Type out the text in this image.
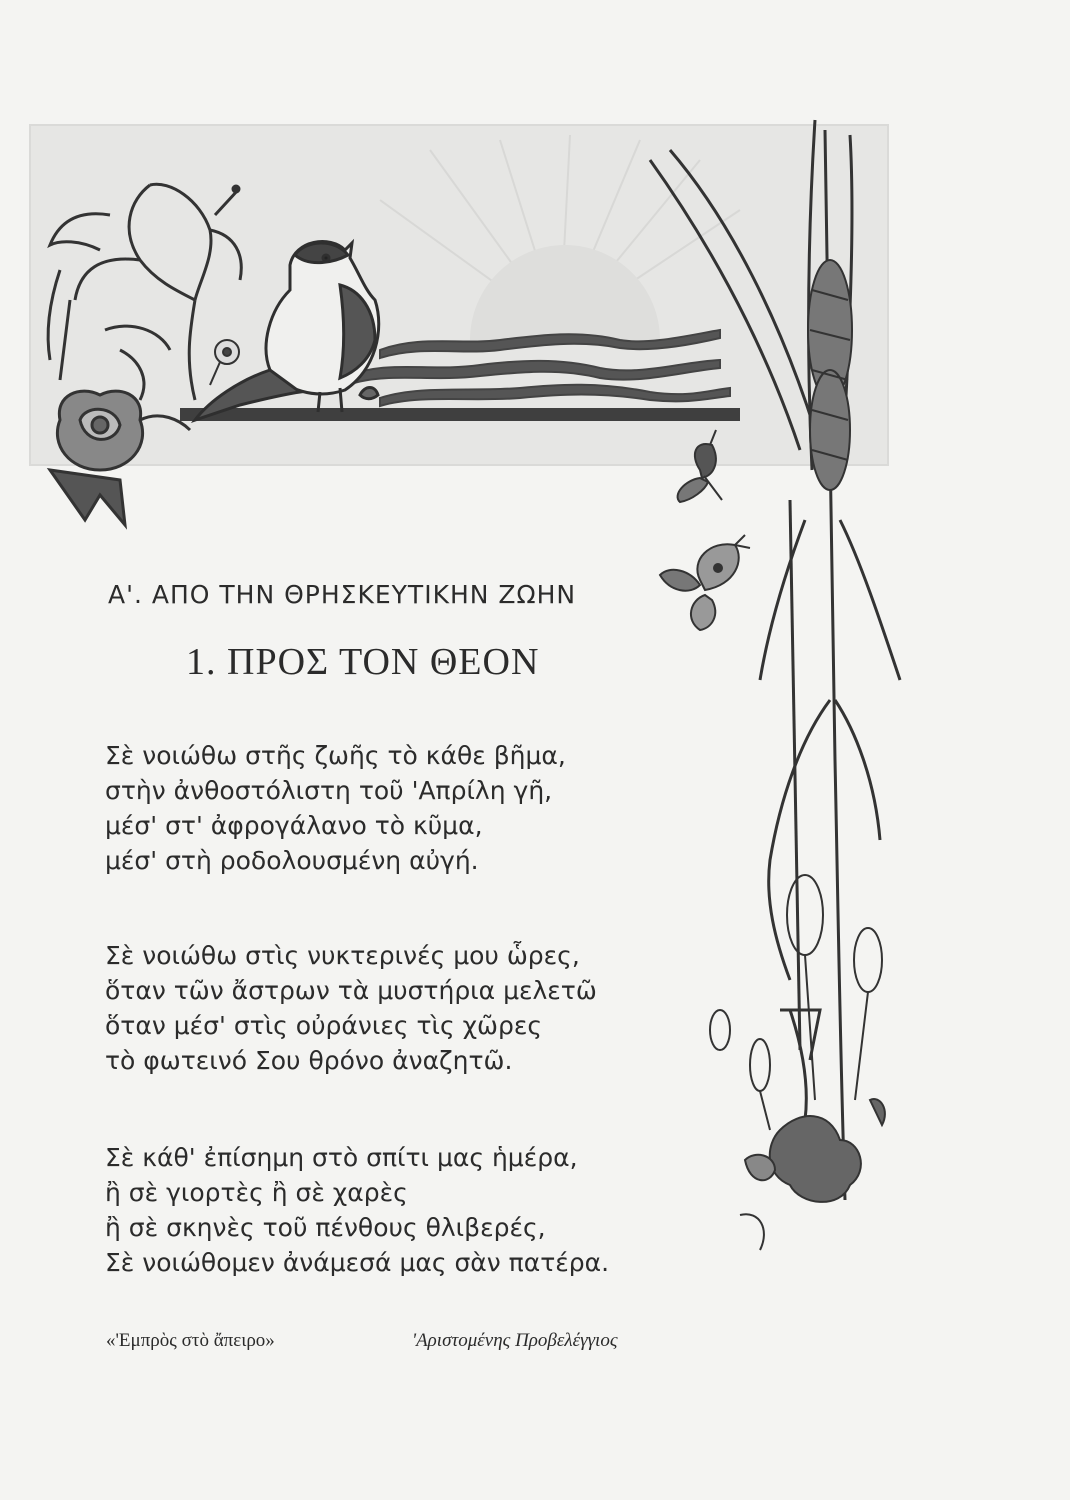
Α'. ΑΠΟ ΤΗΝ ΘΡΗΣΚΕΥΤΙΚΗΝ ΖΩΗΝ
1. ΠΡΟΣ ΤΟΝ ΘΕΟΝ
Σὲ νοιώθω στῆς ζωῆς τὸ κάθε βῆμα,
στὴν ἀνθοστόλιστη τοῦ 'Απρίλη γῆ,
μέσ' στ' ἀφρογάλανο τὸ κῦμα,
μέσ' στὴ ροδολουσμένη αὐγή.
Σὲ νοιώθω στὶς νυκτερινές μου ὧρες,
ὅταν τῶν ἄστρων τὰ μυστήρια μελετῶ
ὅταν μέσ' στὶς οὐράνιες τὶς χῶρες
τὸ φωτεινό Σου θρόνο ἀναζητῶ.
Σὲ κάθ' ἐπίσημη στὸ σπίτι μας ἡμέρα,
ἢ σὲ γιορτὲς ἢ σὲ χαρὲς
ἢ σὲ σκηνὲς τοῦ πένθους θλιβερές,
Σὲ νοιώθομεν ἀνάμεσά μας σὰν πατέρα.
«'Εμπρὸς στὸ ἄπειρο»	'Αριστομένης Προβελέγγιος
